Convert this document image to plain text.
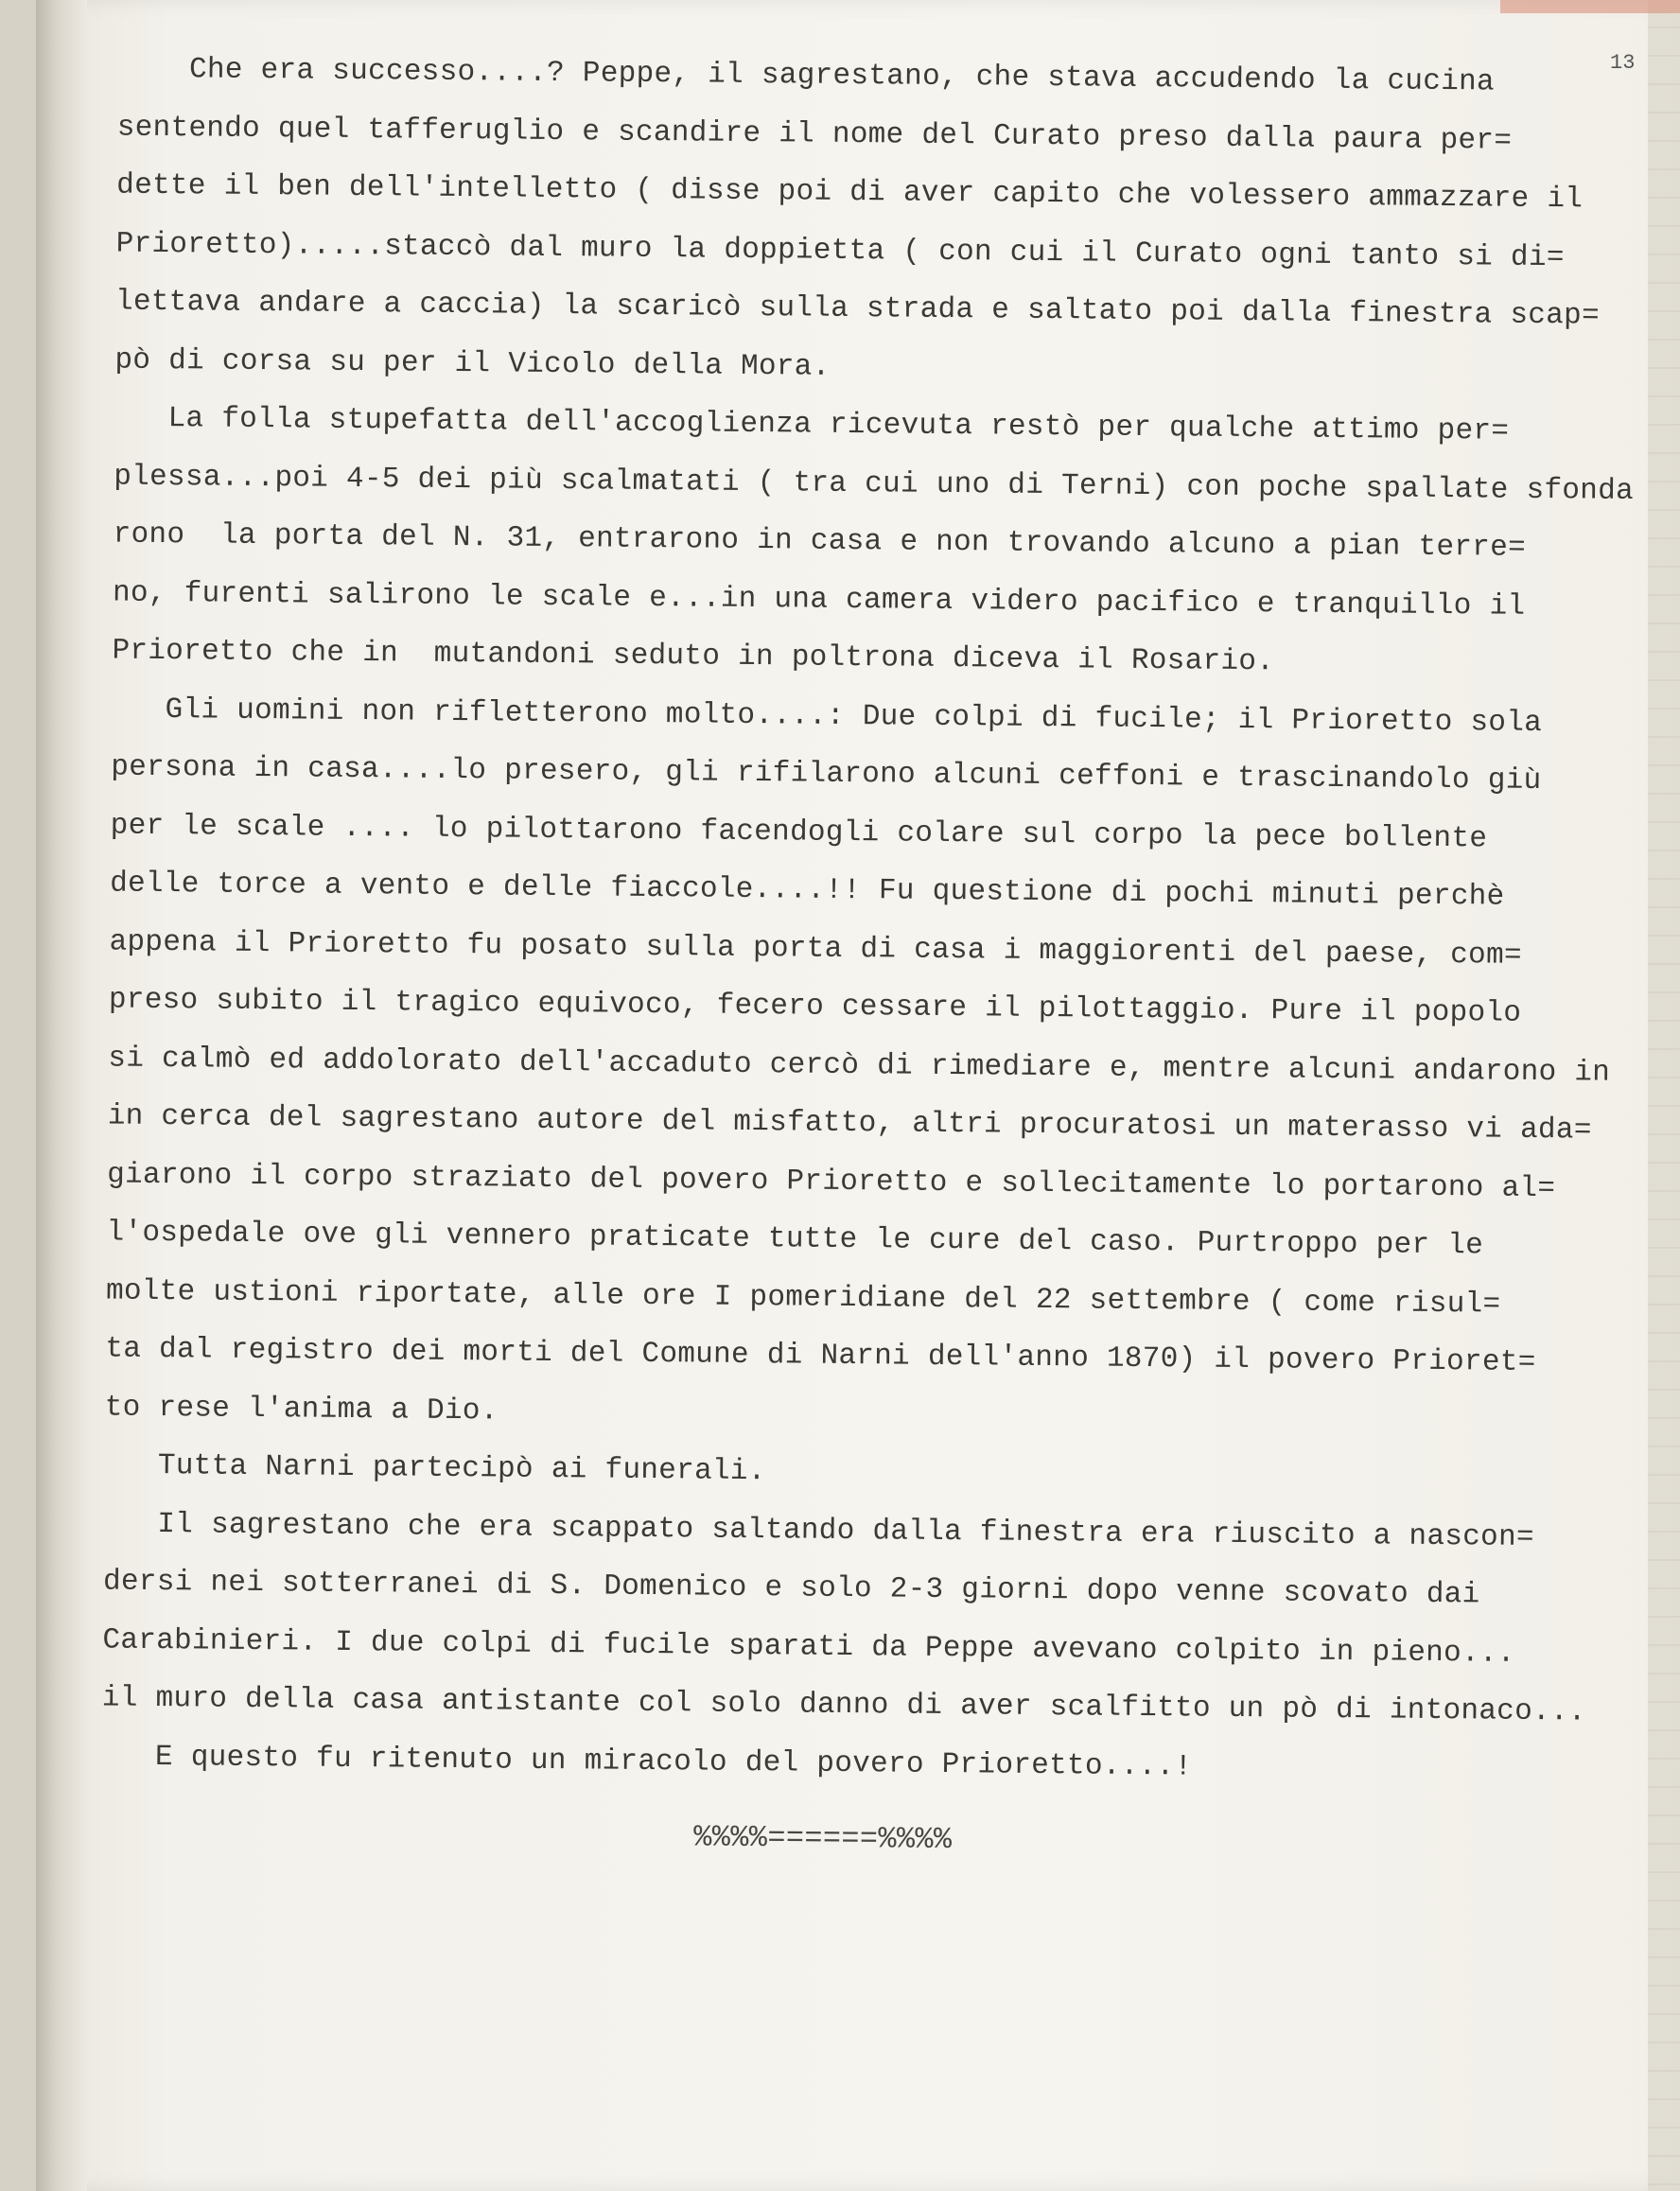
13
Che era successo....? Peppe, il sagrestano, che stava accudendo la cucina
sentendo quel tafferuglio e scandire il nome del Curato preso dalla paura per=
dette il ben dell'intelletto ( disse poi di aver capito che volessero ammazzare il
Prioretto).....staccò dal muro la doppietta ( con cui il Curato ogni tanto si di=
lettava andare a caccia) la scaricò sulla strada e saltato poi dalla finestra scap=
pò di corsa su per il Vicolo della Mora.
La folla stupefatta dell'accoglienza ricevuta restò per qualche attimo per=
plessa...poi 4-5 dei più scalmatati ( tra cui uno di Terni) con poche spallate sfonda
rono  la porta del N. 31, entrarono in casa e non trovando alcuno a pian terre=
no, furenti salirono le scale e...in una camera videro pacifico e tranquillo il
Prioretto che in  mutandoni seduto in poltrona diceva il Rosario.
Gli uomini non rifletterono molto....: Due colpi di fucile; il Prioretto sola
persona in casa....lo presero, gli rifilarono alcuni ceffoni e trascinandolo giù
per le scale .... lo pilottarono facendogli colare sul corpo la pece bollente
delle torce a vento e delle fiaccole....!! Fu questione di pochi minuti perchè
appena il Prioretto fu posato sulla porta di casa i maggiorenti del paese, com=
preso subito il tragico equivoco, fecero cessare il pilottaggio. Pure il popolo
si calmò ed addolorato dell'accaduto cercò di rimediare e, mentre alcuni andarono in
in cerca del sagrestano autore del misfatto, altri procuratosi un materasso vi ada=
giarono il corpo straziato del povero Prioretto e sollecitamente lo portarono al=
l'ospedale ove gli vennero praticate tutte le cure del caso. Purtroppo per le
molte ustioni riportate, alle ore I pomeridiane del 22 settembre ( come risul=
ta dal registro dei morti del Comune di Narni dell'anno 1870) il povero Prioret=
to rese l'anima a Dio.
Tutta Narni partecipò ai funerali.
Il sagrestano che era scappato saltando dalla finestra era riuscito a nascon=
dersi nei sotterranei di S. Domenico e solo 2-3 giorni dopo venne scovato dai
Carabinieri. I due colpi di fucile sparati da Peppe avevano colpito in pieno...
il muro della casa antistante col solo danno di aver scalfitto un pò di intonaco...
E questo fu ritenuto un miracolo del povero Prioretto....!
%%%%======%%%%
